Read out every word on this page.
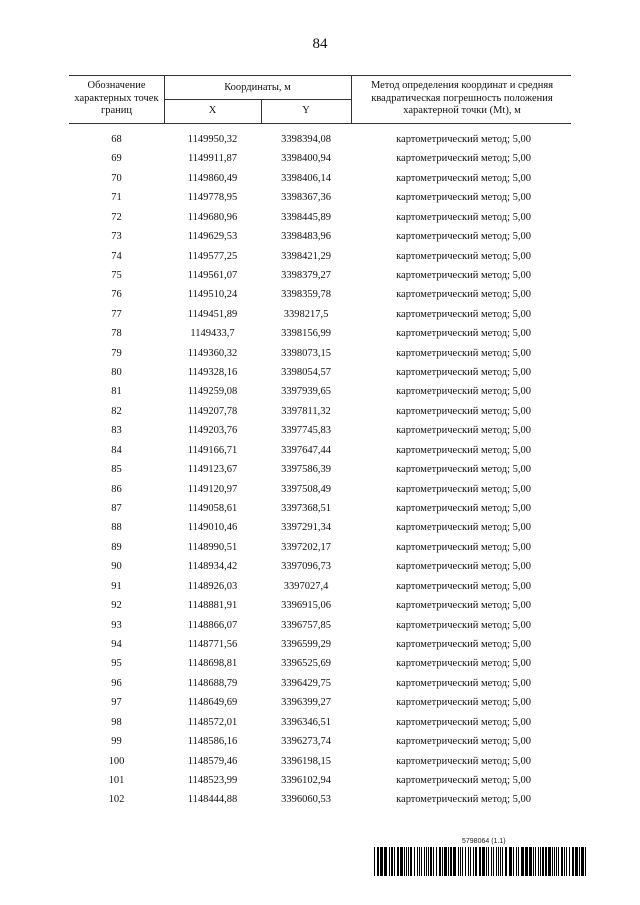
84
Обозначение характерных точек границ
Координаты, м
X	Y
Метод определения координат и средняя квадратическая погрешность положения характерной точки (Mt), м
68	1149950,32	3398394,08	картометрический метод; 5,00
69	1149911,87	3398400,94	картометрический метод; 5,00
70	1149860,49	3398406,14	картометрический метод; 5,00
71	1149778,95	3398367,36	картометрический метод; 5,00
72	1149680,96	3398445,89	картометрический метод; 5,00
73	1149629,53	3398483,96	картометрический метод; 5,00
74	1149577,25	3398421,29	картометрический метод; 5,00
75	1149561,07	3398379,27	картометрический метод; 5,00
76	1149510,24	3398359,78	картометрический метод; 5,00
77	1149451,89	3398217,5	картометрический метод; 5,00
78	1149433,7	3398156,99	картометрический метод; 5,00
79	1149360,32	3398073,15	картометрический метод; 5,00
80	1149328,16	3398054,57	картометрический метод; 5,00
81	1149259,08	3397939,65	картометрический метод; 5,00
82	1149207,78	3397811,32	картометрический метод; 5,00
83	1149203,76	3397745,83	картометрический метод; 5,00
84	1149166,71	3397647,44	картометрический метод; 5,00
85	1149123,67	3397586,39	картометрический метод; 5,00
86	1149120,97	3397508,49	картометрический метод; 5,00
87	1149058,61	3397368,51	картометрический метод; 5,00
88	1149010,46	3397291,34	картометрический метод; 5,00
89	1148990,51	3397202,17	картометрический метод; 5,00
90	1148934,42	3397096,73	картометрический метод; 5,00
91	1148926,03	3397027,4	картометрический метод; 5,00
92	1148881,91	3396915,06	картометрический метод; 5,00
93	1148866,07	3396757,85	картометрический метод; 5,00
94	1148771,56	3396599,29	картометрический метод; 5,00
95	1148698,81	3396525,69	картометрический метод; 5,00
96	1148688,79	3396429,75	картометрический метод; 5,00
97	1148649,69	3396399,27	картометрический метод; 5,00
98	1148572,01	3396346,51	картометрический метод; 5,00
99	1148586,16	3396273,74	картометрический метод; 5,00
100	1148579,46	3396198,15	картометрический метод; 5,00
101	1148523,99	3396102,94	картометрический метод; 5,00
102	1148444,88	3396060,53	картометрический метод; 5,00
5798064 (1.1)
